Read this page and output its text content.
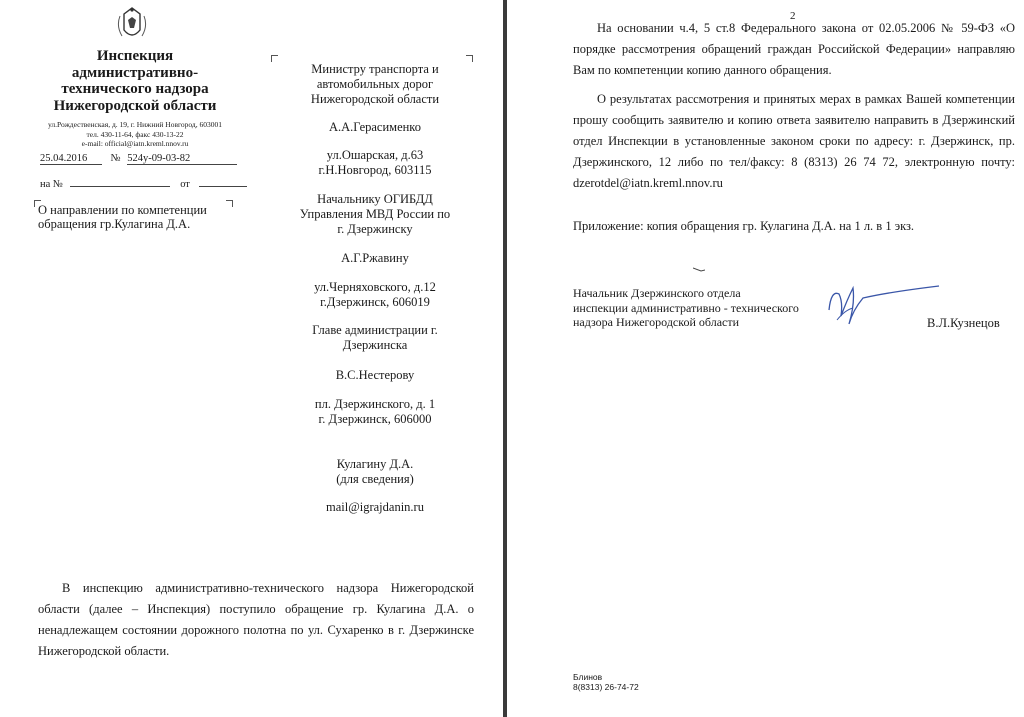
Инспекция
административно-
технического надзора
Нижегородской области
ул.Рождественская, д. 19, г. Нижний Новгород, 603001
тел. 430-11-64, факс 430-13-22
e-mail: official@iatn.kreml.nnov.ru
25.04.2016 № 524у-09-03-82
на №	от
О направлении по компетенции
обращения гр.Кулагина Д.А.
Министру транспорта и
автомобильных дорог
Нижегородской области
А.А.Герасименко
ул.Ошарская, д.63
г.Н.Новгород, 603115
Начальнику ОГИБДД
Управления МВД России по
г. Дзержинску
А.Г.Ржавину
ул.Черняховского, д.12
г.Дзержинск, 606019
Главе администрации г.
Дзержинска
В.С.Нестерову
пл. Дзержинского, д. 1
г. Дзержинск, 606000
Кулагину Д.А.
(для сведения)
mail@igrajdanin.ru
В инспекцию административно-технического надзора Нижегородской области (далее – Инспекция) поступило обращение гр. Кулагина Д.А. о ненадлежащем состоянии дорожного полотна по ул. Сухаренко в г. Дзержинске Нижегородской области.
2
На основании ч.4, 5 ст.8 Федерального закона от 02.05.2006 № 59-ФЗ «О порядке рассмотрения обращений граждан Российской Федерации» направляю Вам по компетенции копию данного обращения.
О результатах рассмотрения и принятых мерах в рамках Вашей компетенции прошу сообщить заявителю и копию ответа заявителю направить в Дзержинский отдел Инспекции в установленные законом сроки по адресу: г. Дзержинск, пр. Дзержинского, 12 либо по тел/факсу: 8 (8313) 26 74 72, электронную почту: dzerotdel@iatn.kreml.nnov.ru
Приложение: копия обращения гр. Кулагина Д.А. на 1 л. в 1 экз.
Начальник Дзержинского отдела
инспекции административно - технического
надзора Нижегородской области	В.Л.Кузнецов
Блинов
8(8313) 26-74-72
